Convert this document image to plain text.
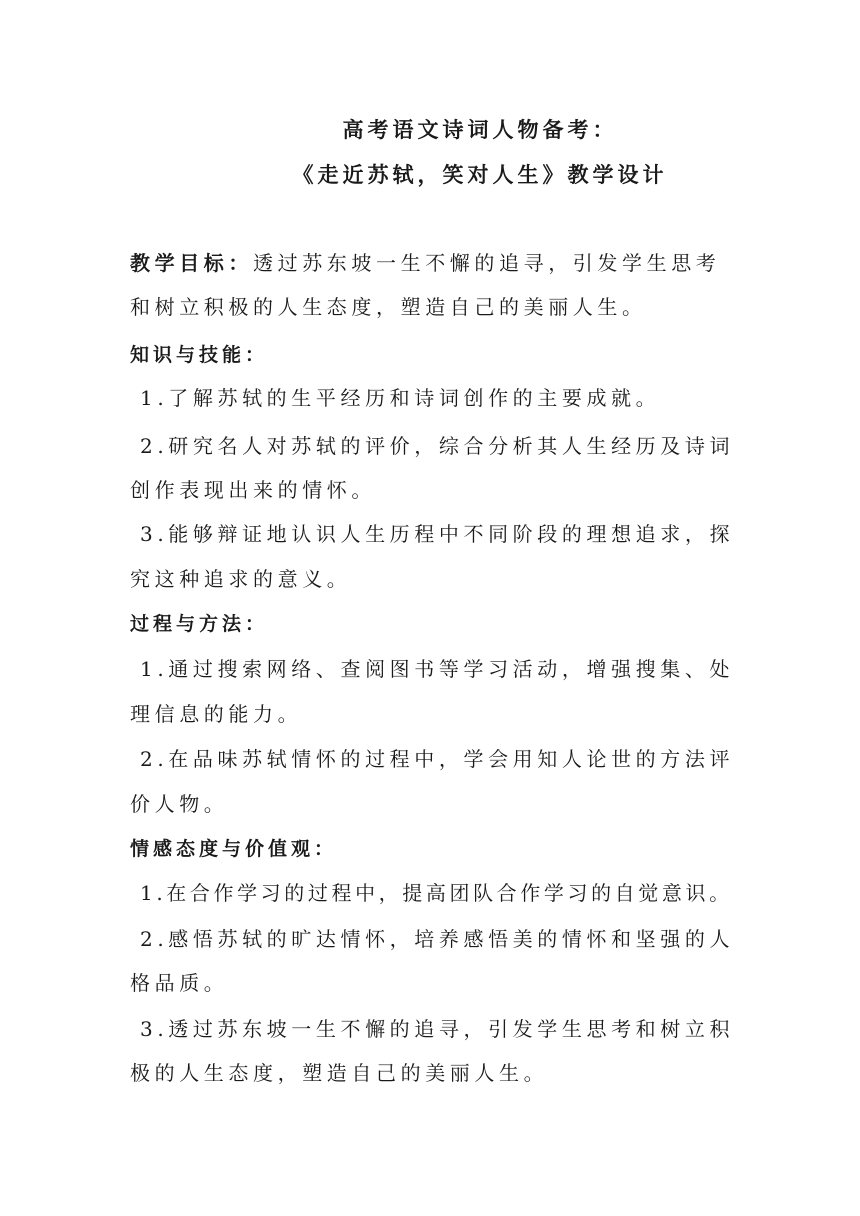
高考语文诗词人物备考：
《走近苏轼，笑对人生》教学设计
教学目标：透过苏东坡一生不懈的追寻，引发学生思考
和树立积极的人生态度，塑造自己的美丽人生。
知识与技能：
1.了解苏轼的生平经历和诗词创作的主要成就。
2.研究名人对苏轼的评价，综合分析其人生经历及诗词
创作表现出来的情怀。
3.能够辩证地认识人生历程中不同阶段的理想追求，探
究这种追求的意义。
过程与方法：
1.通过搜索网络、查阅图书等学习活动，增强搜集、处
理信息的能力。
2.在品味苏轼情怀的过程中，学会用知人论世的方法评
价人物。
情感态度与价值观：
1.在合作学习的过程中，提高团队合作学习的自觉意识。
2.感悟苏轼的旷达情怀，培养感悟美的情怀和坚强的人
格品质。
3.透过苏东坡一生不懈的追寻，引发学生思考和树立积
极的人生态度，塑造自己的美丽人生。
